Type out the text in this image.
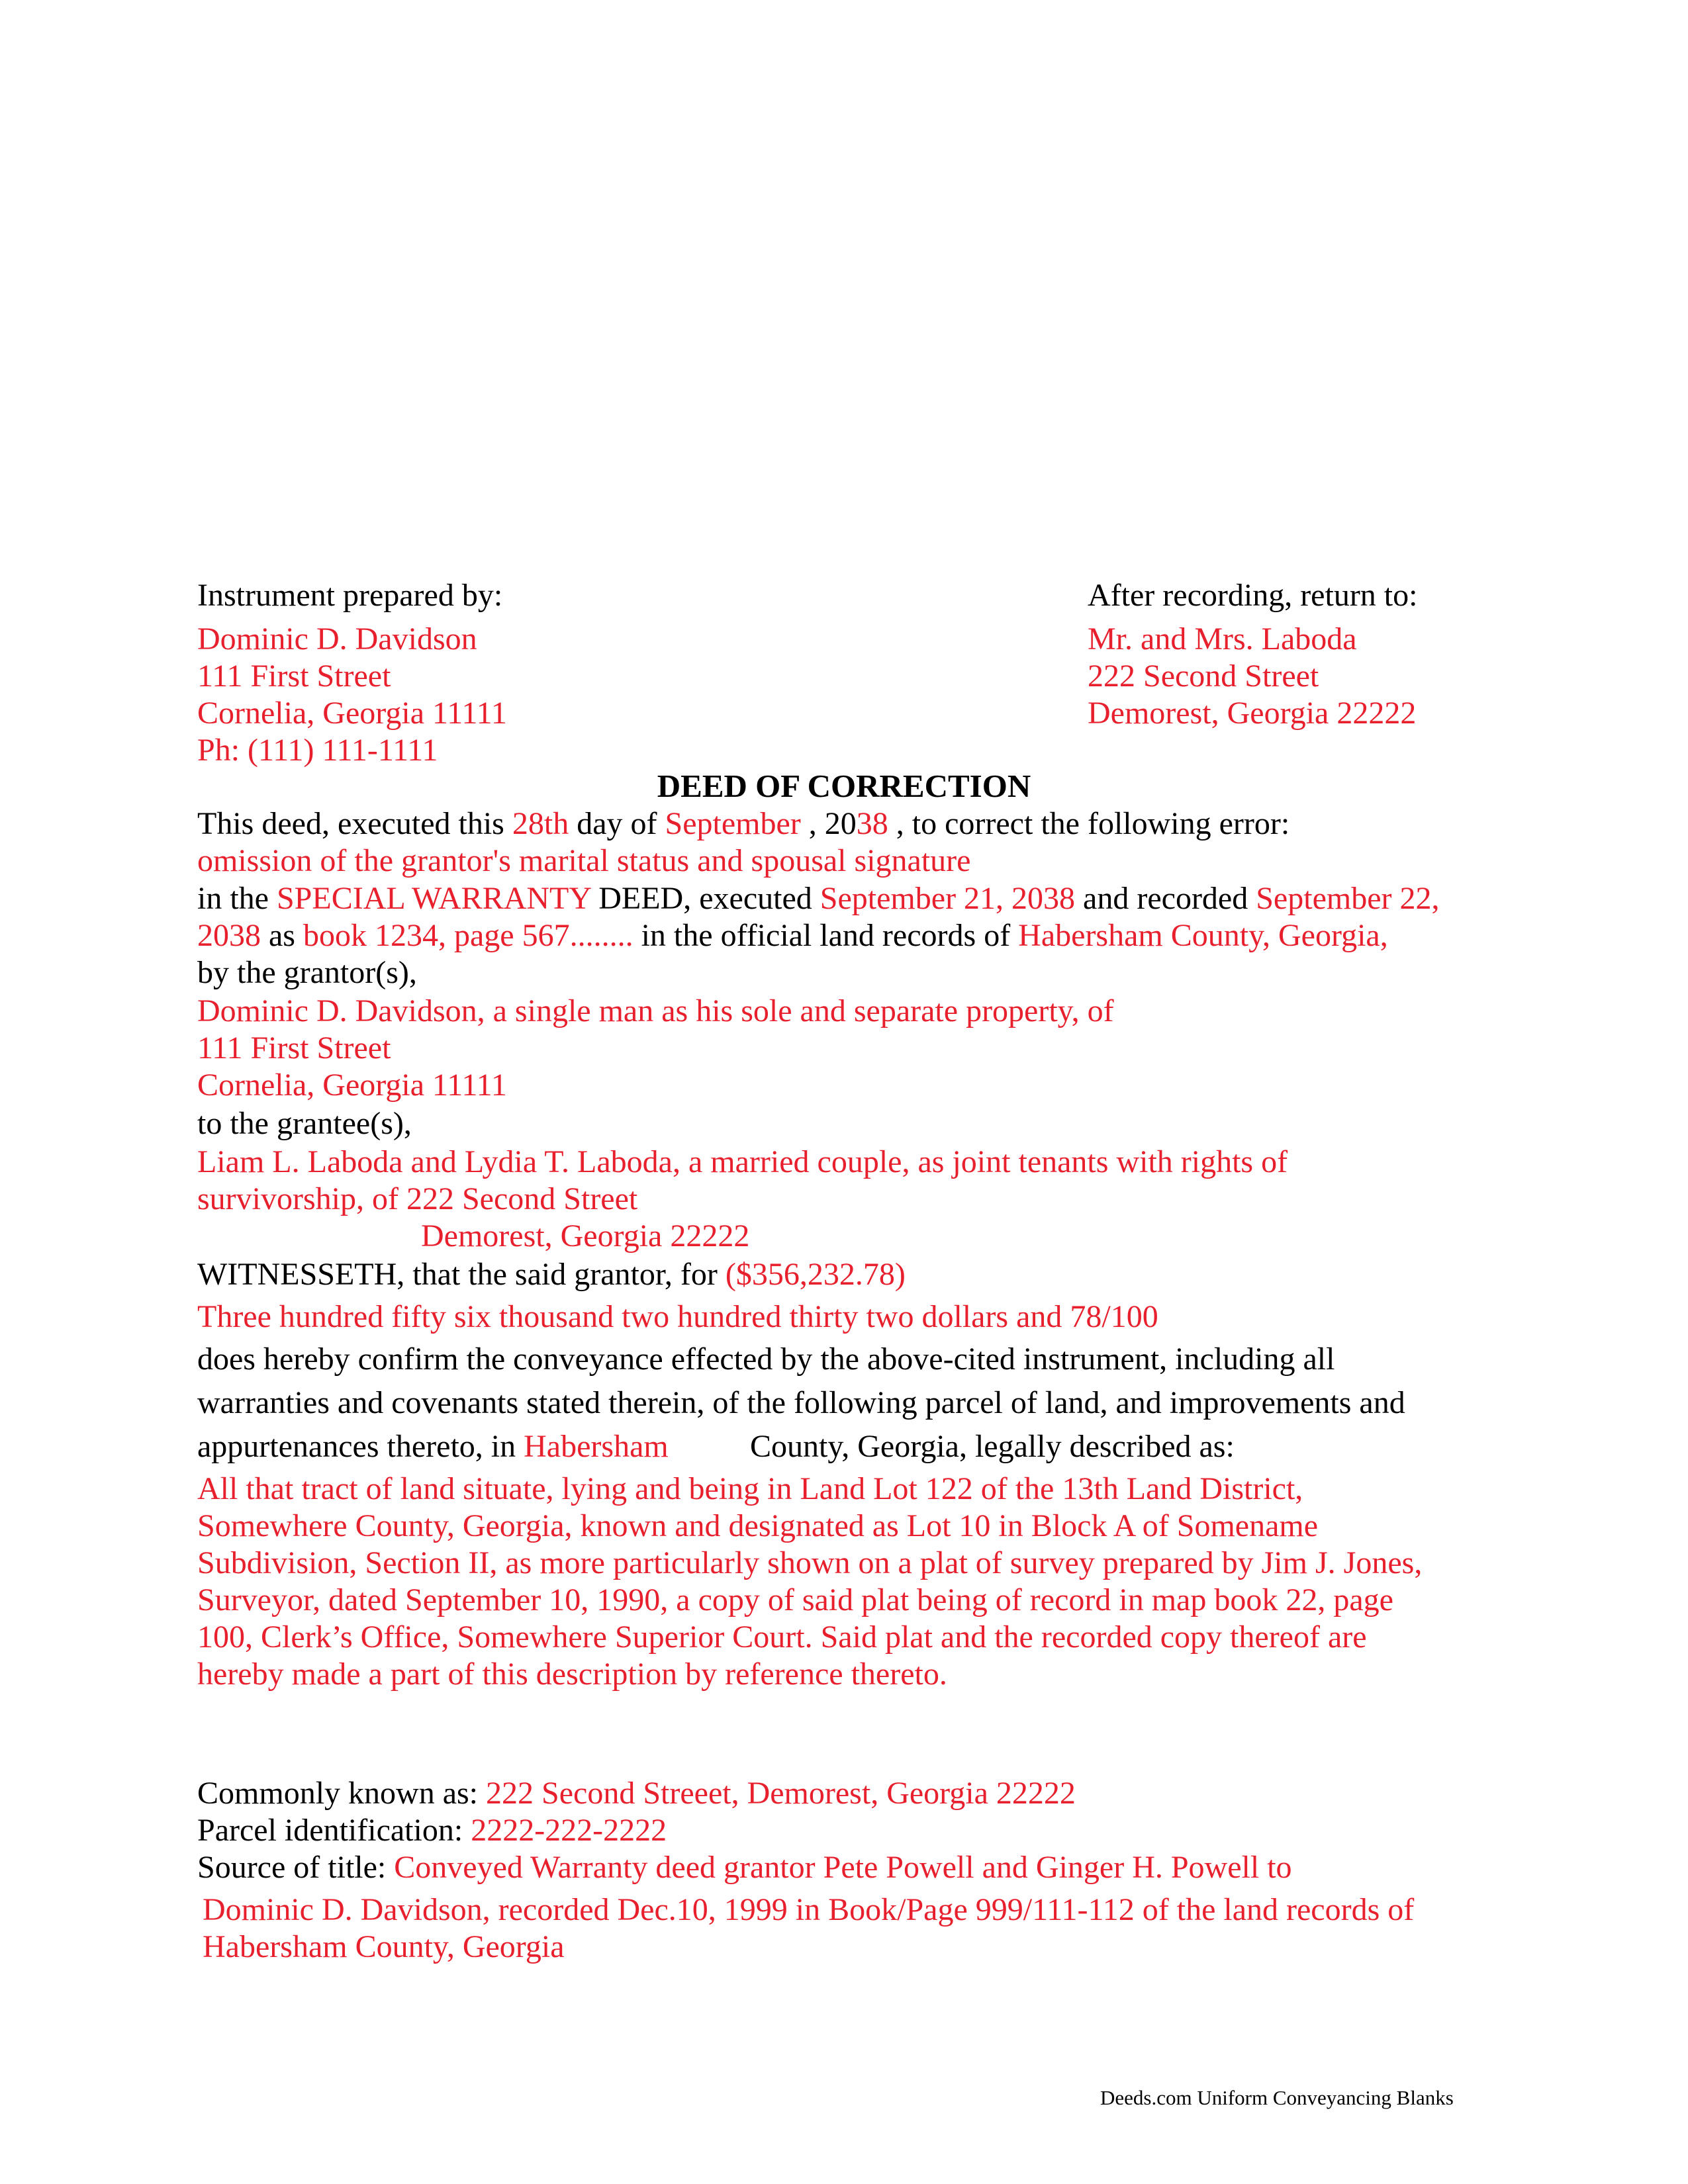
Instrument prepared by:
Dominic D. Davidson
111 First Street
Cornelia, Georgia 11111
Ph: (111) 111-1111
After recording, return to:
Mr. and Mrs. Laboda
222 Second Street
Demorest, Georgia 22222
DEED OF CORRECTION
This deed, executed this 28th day of September , 2038 , to correct the following error:
omission of the grantor's marital status and spousal signature
in the SPECIAL WARRANTY DEED, executed September 21, 2038 and recorded September 22,
2038 as book 1234, page 567........ in the official land records of Habersham County, Georgia,
by the grantor(s),
Dominic D. Davidson, a single man as his sole and separate property, of
111 First Street
Cornelia, Georgia 11111
to the grantee(s),
Liam L. Laboda and Lydia T. Laboda, a married couple, as joint tenants with rights of
survivorship, of 222 Second Street
Demorest, Georgia 22222
WITNESSETH, that the said grantor, for ($356,232.78)
Three hundred fifty six thousand two hundred thirty two dollars and 78/100
does hereby confirm the conveyance effected by the above-cited instrument, including all
warranties and covenants stated therein, of the following parcel of land, and improvements and
appurtenances thereto, in Habersham	County, Georgia, legally described as:
All that tract of land situate, lying and being in Land Lot 122 of the 13th Land District,
Somewhere County, Georgia, known and designated as Lot 10 in Block A of Somename
Subdivision, Section II, as more particularly shown on a plat of survey prepared by Jim J. Jones,
Surveyor, dated September 10, 1990, a copy of said plat being of record in map book 22, page
100, Clerk’s Office, Somewhere Superior Court. Said plat and the recorded copy thereof are
hereby made a part of this description by reference thereto.
Commonly known as: 222 Second Streeet, Demorest, Georgia 22222
Parcel identification: 2222-222-2222
Source of title: Conveyed Warranty deed grantor Pete Powell and Ginger H. Powell to
Dominic D. Davidson, recorded Dec.10, 1999 in Book/Page 999/111-112 of the land records of
Habersham County, Georgia
Deeds.com Uniform Conveyancing Blanks
